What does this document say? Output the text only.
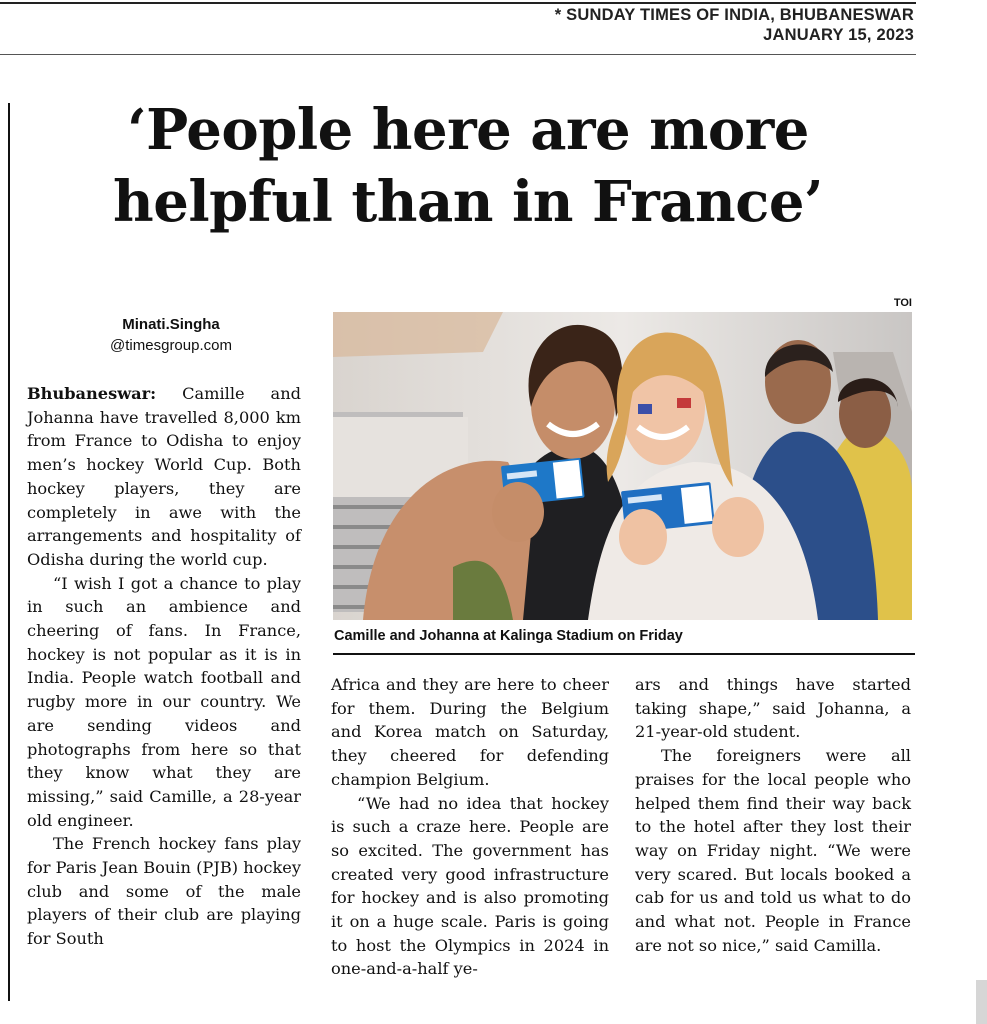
* SUNDAY TIMES OF INDIA, BHUBANESWAR
JANUARY 15, 2023
‘People here are more
helpful than in France’
TOI
Minati.Singha
@timesgroup.com
Camille and Johanna at Kalinga Stadium on Friday

Bhubaneswar: Camille and Johanna have travelled 8,000 km from France to Odisha to enjoy men’s hockey World Cup. Both hockey players, they are completely in awe with the arrangements and hospitality of Odisha during the world cup.

“I wish I got a chance to play in such an ambience and cheering of fans. In France, hockey is not popular as it is in India. People watch football and rugby more in our country. We are sending videos and photographs from here so that they know what they are missing,” said Camille, a 28-year old engineer.

The French hockey fans play for Paris Jean Bouin (PJB) hockey club and some of the male players of their club are playing for South

Africa and they are here to cheer for them. During the Belgium and Korea match on Saturday, they cheered for defending champion Belgium.

“We had no idea that hockey is such a craze here. People are so excited. The government has created very good infrastructure for hockey and is also promoting it on a huge scale. Paris is going to host the Olympics in 2024 in one-and-a-half ye-

ars and things have started taking shape,” said Johanna, a 21-year-old student.

The foreigners were all praises for the local people who helped them find their way back to the hotel after they lost their way on Friday night. “We were very scared. But locals booked a cab for us and told us what to do and what not. People in France are not so nice,” said Camilla.
